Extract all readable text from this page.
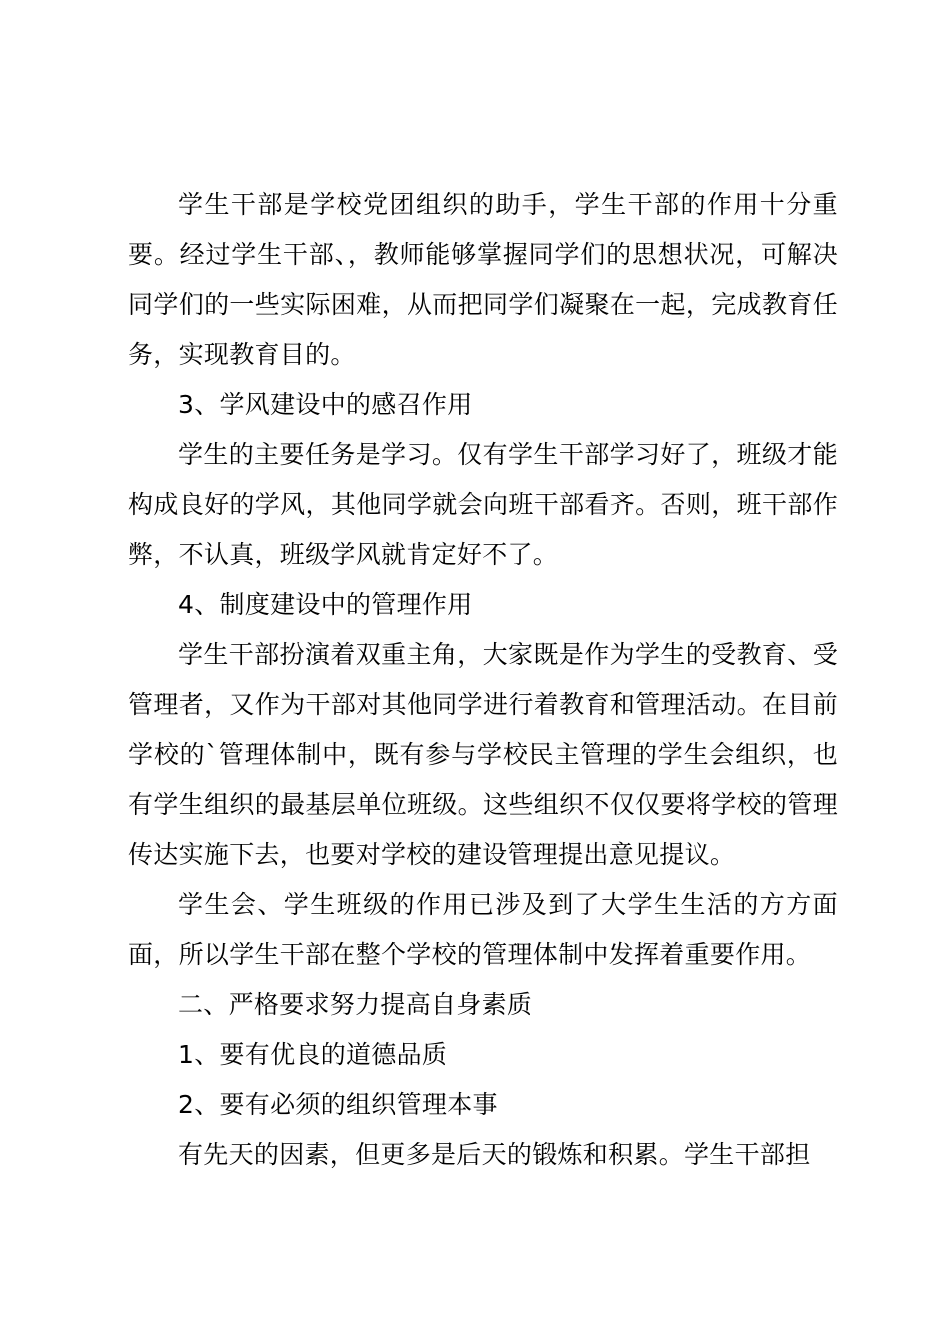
学生干部是学校党团组织的助手，学生干部的作用十分重要。经过学生干部、，教师能够掌握同学们的思想状况，可解决同学们的一些实际困难，从而把同学们凝聚在一起，完成教育任务，实现教育目的。

3、学风建设中的感召作用

学生的主要任务是学习。仅有学生干部学习好了，班级才能构成良好的学风，其他同学就会向班干部看齐。否则，班干部作弊，不认真，班级学风就肯定好不了。

4、制度建设中的管理作用

学生干部扮演着双重主角，大家既是作为学生的受教育、受管理者，又作为干部对其他同学进行着教育和管理活动。在目前学校的`管理体制中，既有参与学校民主管理的学生会组织，也有学生组织的最基层单位班级。这些组织不仅仅要将学校的管理传达实施下去，也要对学校的建设管理提出意见提议。

学生会、学生班级的作用已涉及到了大学生生活的方方面面，所以学生干部在整个学校的管理体制中发挥着重要作用。

二、严格要求努力提高自身素质

1、要有优良的道德品质

2、要有必须的组织管理本事

有先天的因素，但更多是后天的锻炼和积累。学生干部担
